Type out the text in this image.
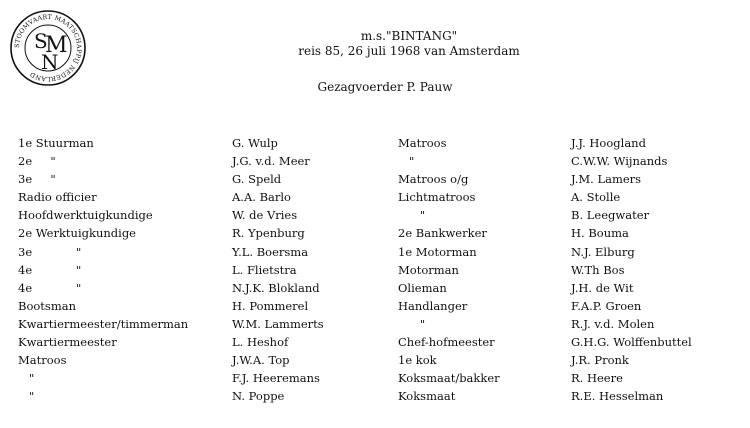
STOOMVAART MAATSCHAPPIJ NEDERLAND
S
M
N
m.s."BINTANG"
reis 85, 26 juli 1968 van Amsterdam
Gezagvoerder P. Pauw
1e Stuurman
2e     "
3e     "
Radio officier
Hoofdwerktuigkundige
2e Werktuigkundige
3e            "
4e            "
4e            "
Bootsman
Kwartiermeester/timmerman
Kwartiermeester
Matroos
"
"
G. Wulp
J.G. v.d. Meer
G. Speld
A.A. Barlo
W. de Vries
R. Ypenburg
Y.L. Boersma
L. Flietstra
N.J.K. Blokland
H. Pommerel
W.M. Lammerts
L. Heshof
J.W.A. Top
F.J. Heeremans
N. Poppe
Matroos
"
Matroos o/g
Lichtmatroos
"
2e Bankwerker
1e Motorman
Motorman
Olieman
Handlanger
"
Chef-hofmeester
1e kok
Koksmaat/bakker
Koksmaat
J.J. Hoogland
C.W.W. Wijnands
J.M. Lamers
A. Stolle
B. Leegwater
H. Bouma
N.J. Elburg
W.Th Bos
J.H. de Wit
F.A.P. Groen
R.J. v.d. Molen
G.H.G. Wolffenbuttel
J.R. Pronk
R. Heere
R.E. Hesselman
